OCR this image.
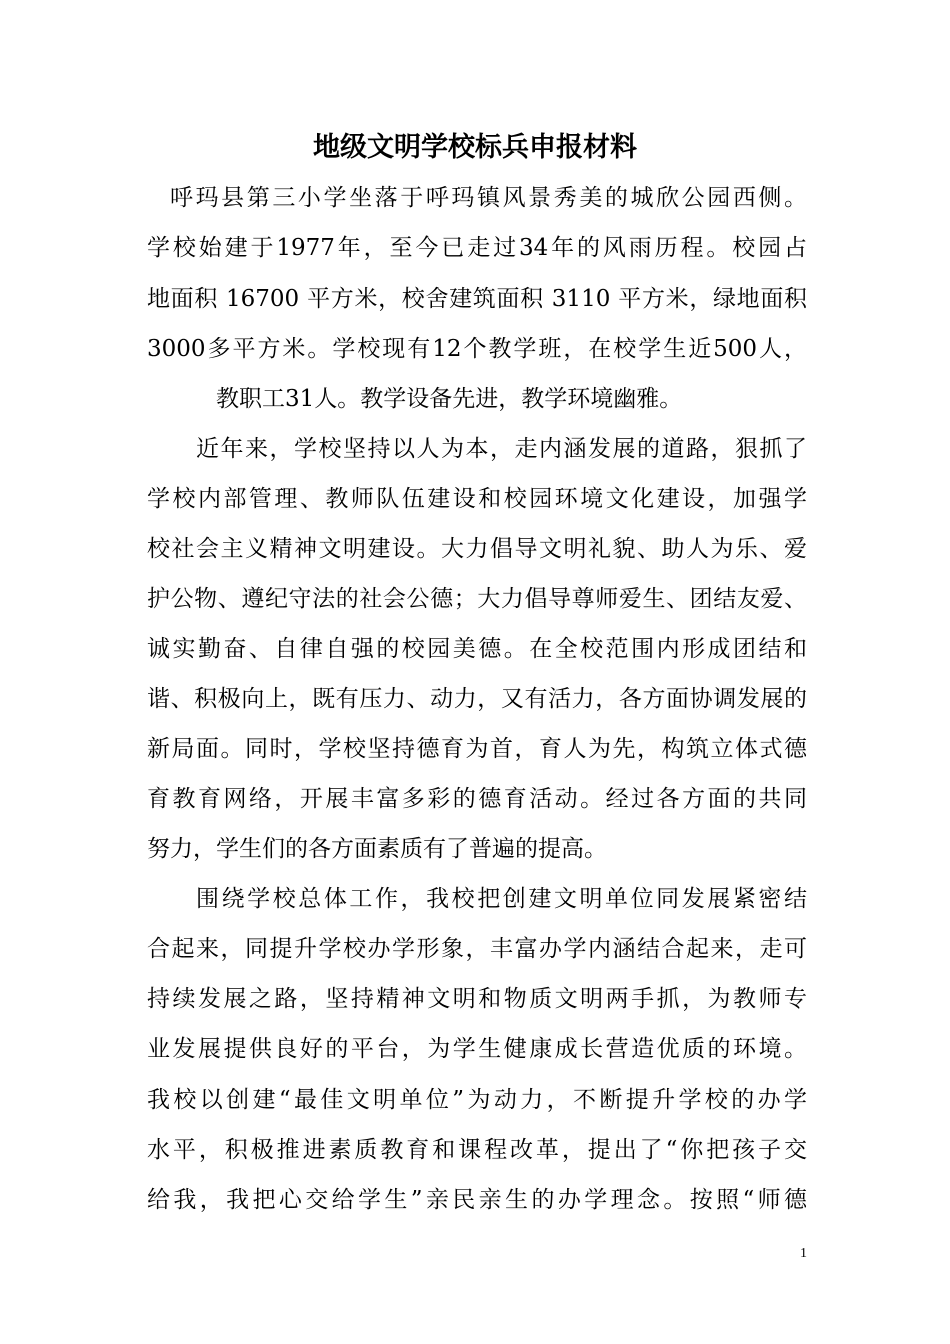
地级文明学校标兵申报材料
呼玛县第三小学坐落于呼玛镇风景秀美的城欣公园西侧。
学校始建于1977年，至今已走过34年的风雨历程。校园占
地面积 16700 平方米，校舍建筑面积 3110 平方米，绿地面积
3000多平方米。学校现有12个教学班，在校学生近500人，
教职工31人。教学设备先进，教学环境幽雅。
近年来，学校坚持以人为本，走内涵发展的道路，狠抓了
学校内部管理、教师队伍建设和校园环境文化建设，加强学
校社会主义精神文明建设。大力倡导文明礼貌、助人为乐、爱
护公物、遵纪守法的社会公德；大力倡导尊师爱生、团结友爱、
诚实勤奋、自律自强的校园美德。在全校范围内形成团结和
谐、积极向上，既有压力、动力，又有活力，各方面协调发展的
新局面。同时，学校坚持德育为首，育人为先，构筑立体式德
育教育网络，开展丰富多彩的德育活动。经过各方面的共同
努力，学生们的各方面素质有了普遍的提高。
围绕学校总体工作，我校把创建文明单位同发展紧密结
合起来，同提升学校办学形象，丰富办学内涵结合起来，走可
持续发展之路，坚持精神文明和物质文明两手抓，为教师专
业发展提供良好的平台，为学生健康成长营造优质的环境。
我校以创建“最佳文明单位”为动力，不断提升学校的办学
水平，积极推进素质教育和课程改革，提出了“你把孩子交
给我，我把心交给学生”亲民亲生的办学理念。按照“师德
1
